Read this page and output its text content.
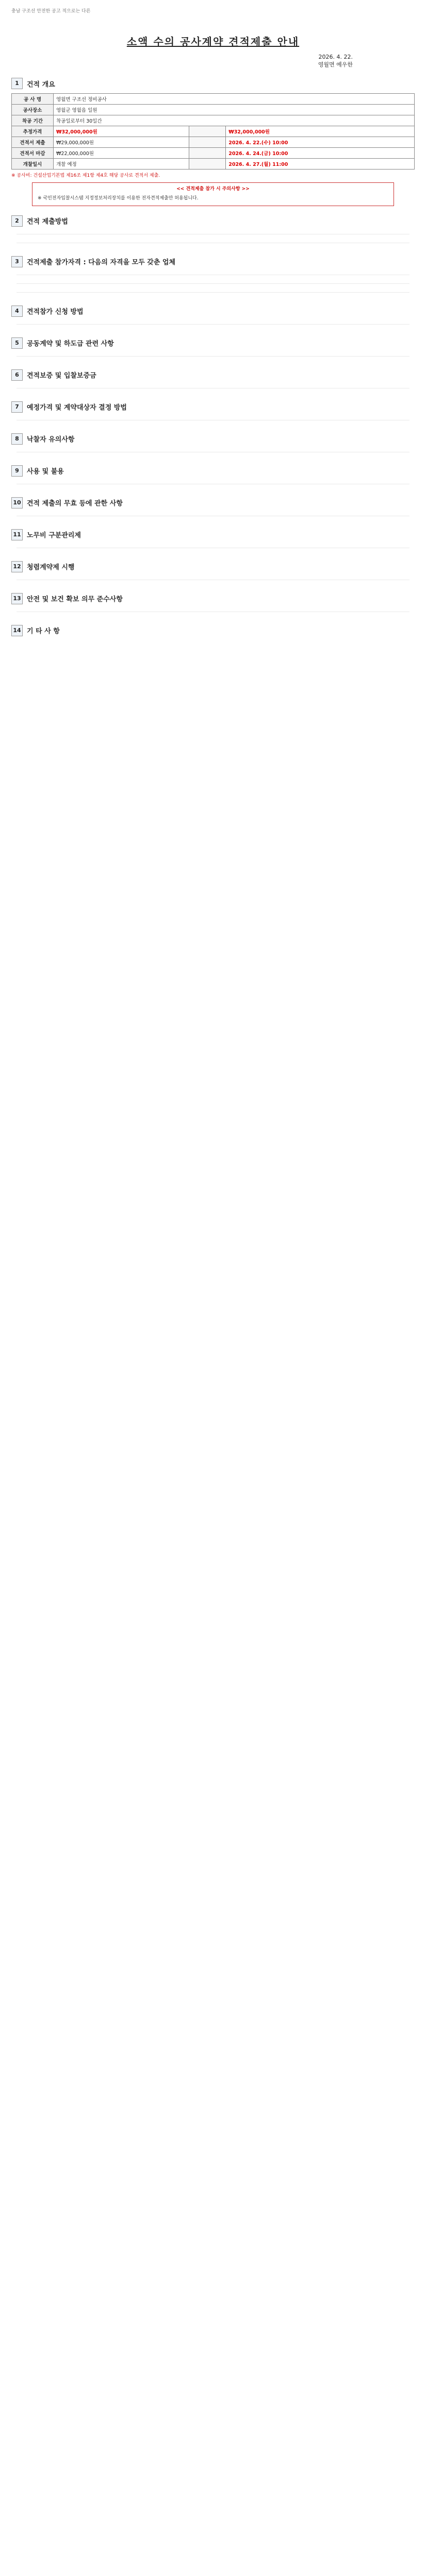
충남 구조선 안전한 공고 적으로는 다른
소액 수의 공사계약 견적제출 안내
2026. 4. 22.
영월면 예우한
1	건적 개요
공 사 명	영월면 구조선 정비공사		
공사장소	영월군 영월읍 일원		
착공 기간	착공일로부터 30일간		
추정가격	₩32,000,000원		₩32,000,000원
견적서 제출	₩29,000,000원		2026. 4. 22.(수) 10:00
견적서 마감	₩22,000,000원		2026. 4. 24.(금) 10:00
개찰일시	개찰 예정		2026. 4. 27.(월) 11:00
※ 공사비: 건설산업기본법 제16조 제1항 제4호 해당 공사로 견적서 제출.
<< 견적제출 참가 시 주의사항 >>
※ 국민전자입찰시스템 지정정보처리장치를 이용한 전자견적제출만 허용됩니다.
2	견적 제출방법
3	건적제출 참가자격 : 다음의 자격을 모두 갖춘 업체
4	견적참가 신청 방법
5	공동계약 및 하도급 관련 사항
6	견적보증 및 입찰보증금
7	예정가격 및 계약대상자 결정 방법
8	낙찰자 유의사항
9	사용 및 불용
10 견적 제출의 무효 등에 관한 사항
11 노무비 구분관리제
12 청렴계약제 시행
13 안전 및 보건 확보 의무 준수사항
14 기 타 사 항
